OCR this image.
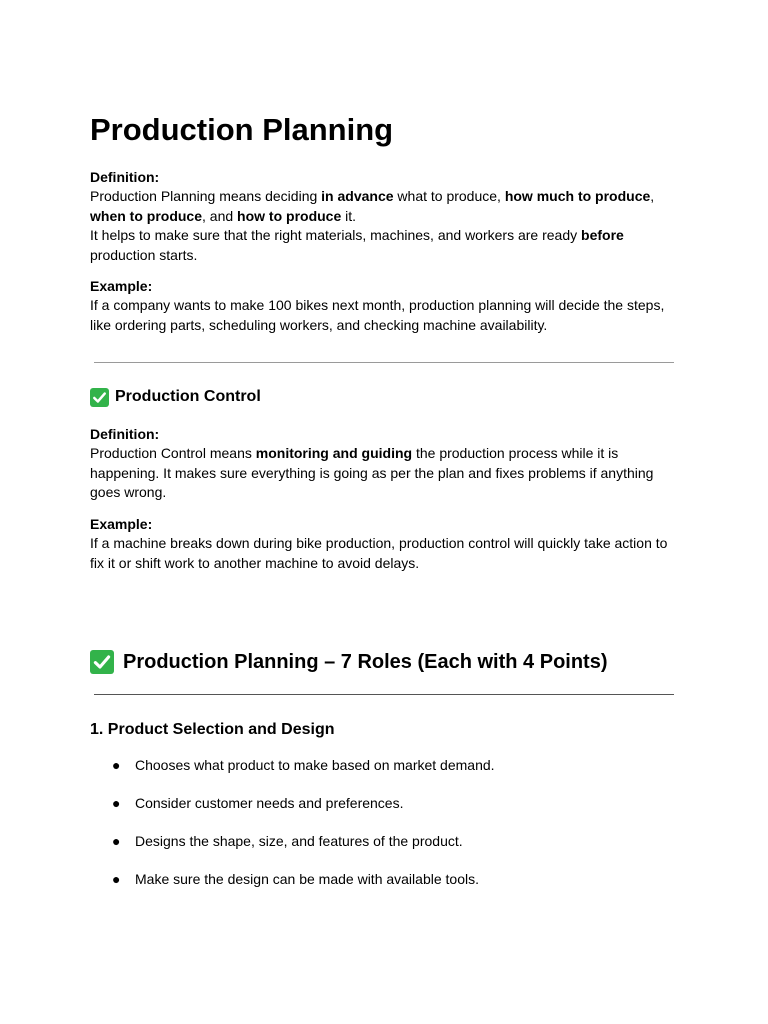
Production Planning
Definition:
Production Planning means deciding in advance what to produce, how much to produce,
when to produce, and how to produce it.
It helps to make sure that the right materials, machines, and workers are ready before
production starts.
Example:
If a company wants to make 100 bikes next month, production planning will decide the steps,
like ordering parts, scheduling workers, and checking machine availability.
Production Control
Definition:
Production Control means monitoring and guiding the production process while it is
happening. It makes sure everything is going as per the plan and fixes problems if anything
goes wrong.
Example:
If a machine breaks down during bike production, production control will quickly take action to
fix it or shift work to another machine to avoid delays.
Production Planning – 7 Roles (Each with 4 Points)
1. Product Selection and Design
● Chooses what product to make based on market demand.
● Consider customer needs and preferences.
● Designs the shape, size, and features of the product.
● Make sure the design can be made with available tools.
